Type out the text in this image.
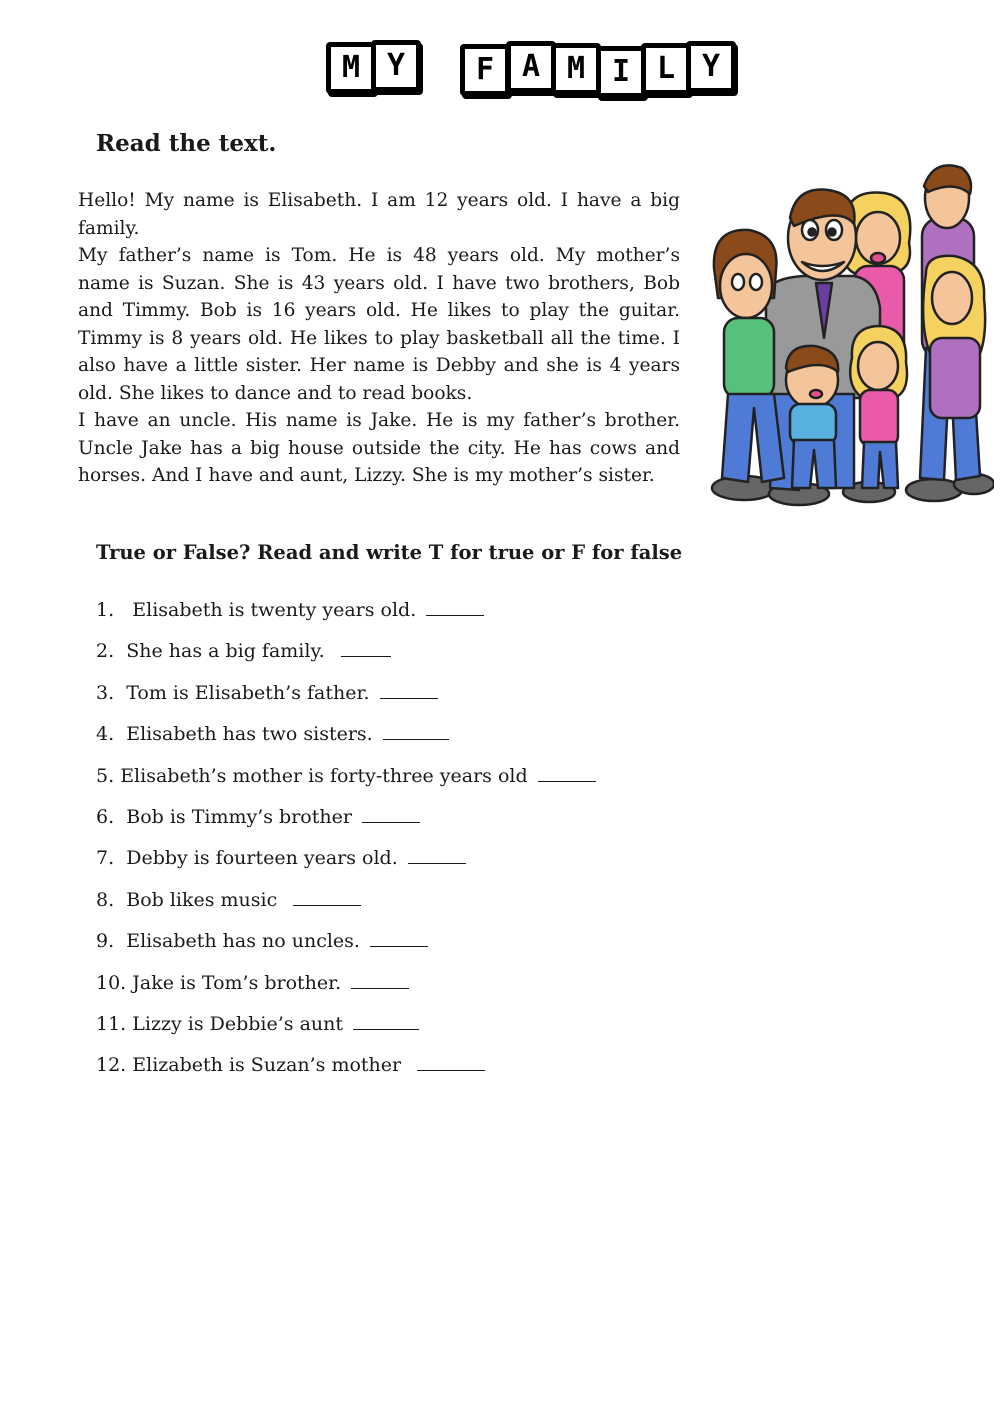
M Y	F A M I L Y
Read the text.

Hello! My name is Elisabeth. I am 12 years old. I have a big family.

My father’s name is Tom. He is 48 years old. My mother’s name is Suzan. She is 43 years old. I have two brothers, Bob and Timmy. Bob is 16 years old. He likes to play the guitar. Timmy is 8 years old. He likes to play basketball all the time. I also have a little sister. Her name is Debby and she is 4 years old. She likes to dance and to read books.

I have an uncle. His name is Jake. He is my father’s brother. Uncle Jake has a big house outside the city. He has cows and horses. And I have and aunt, Lizzy. She is my mother’s sister.

True or False? Read and write T for true or F for false
1. Elisabeth is twenty years old.
2. She has a big family.
3. Tom is Elisabeth’s father.
4. Elisabeth has two sisters.
5. Elisabeth’s mother is forty-three years old
6. Bob is Timmy’s brother
7. Debby is fourteen years old.
8. Bob likes music
9. Elisabeth has no uncles.
10. Jake is Tom’s brother.
11. Lizzy is Debbie’s aunt
12. Elizabeth is Suzan’s mother
